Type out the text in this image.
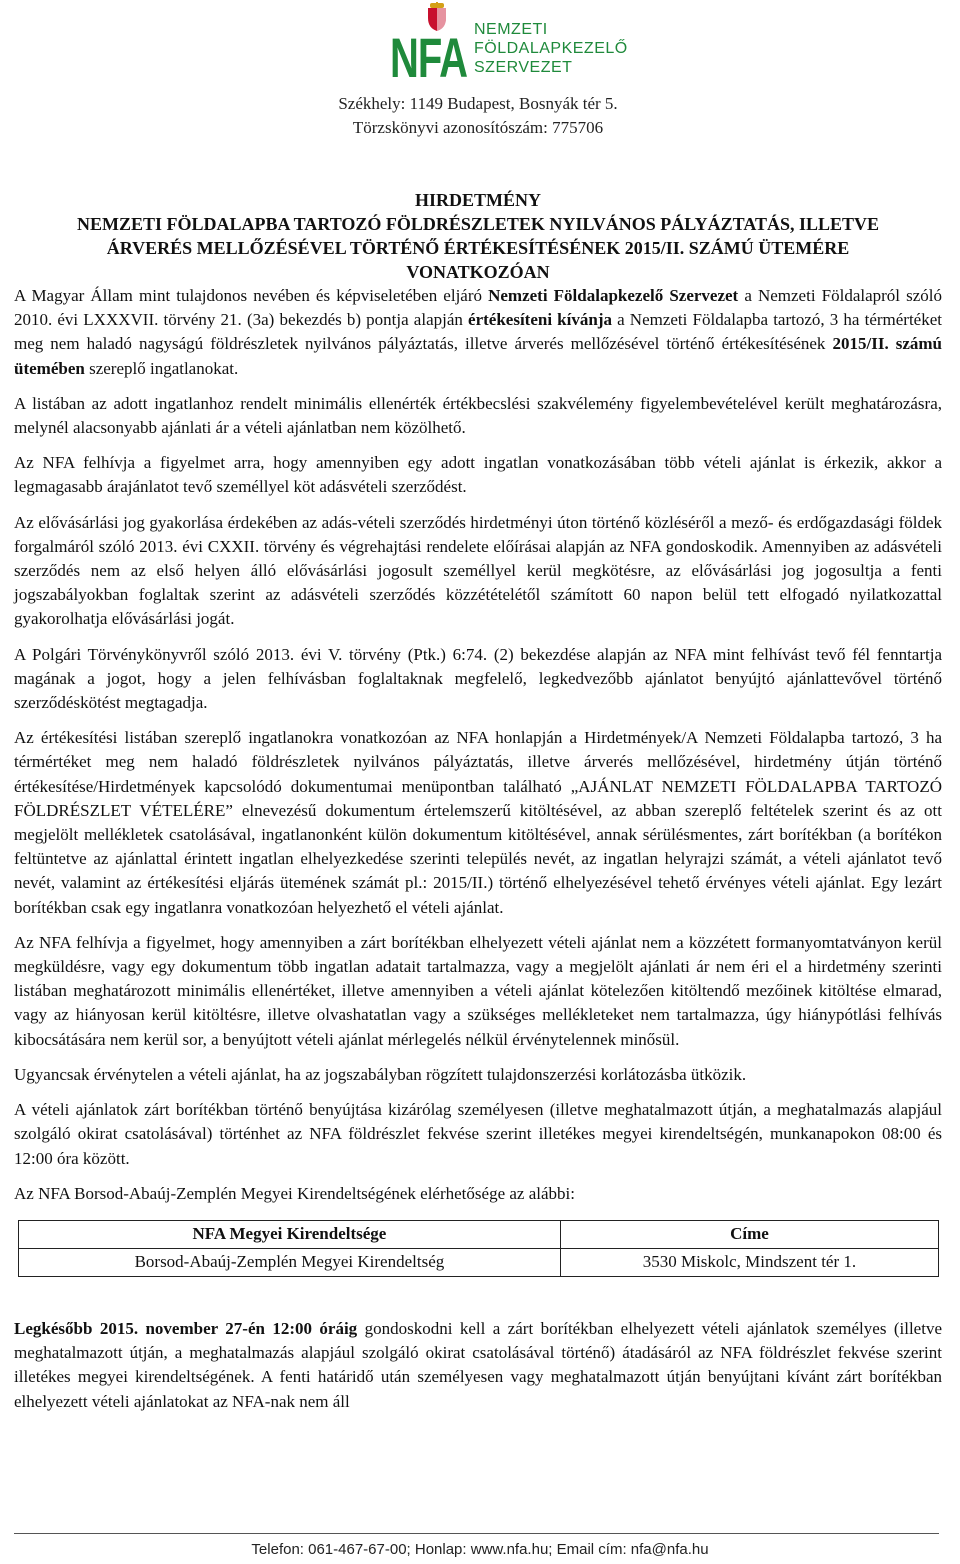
NFA NEMZETI
FÖLDALAPKEZELŐ
SZERVEZET
Székhely: 1149 Budapest, Bosnyák tér 5.
Törzskönyvi azonosítószám: 775706
HIRDETMÉNY
NEMZETI FÖLDALAPBA TARTOZÓ FÖLDRÉSZLETEK NYILVÁNOS PÁLYÁZTATÁS, ILLETVE
ÁRVERÉS MELLŐZÉSÉVEL TÖRTÉNŐ ÉRTÉKESÍTÉSÉNEK 2015/II. SZÁMÚ ÜTEMÉRE
VONATKOZÓAN

A Magyar Állam mint tulajdonos nevében és képviseletében eljáró Nemzeti Földalapkezelő Szervezet a Nemzeti Földalapról szóló 2010. évi LXXXVII. törvény 21. (3a) bekezdés b) pontja alapján értékesíteni kívánja a Nemzeti Földalapba tartozó, 3 ha térmértéket meg nem haladó nagyságú földrészletek nyilvános pályáztatás, illetve árverés mellőzésével történő értékesítésének 2015/II. számú ütemében szereplő ingatlanokat.

A listában az adott ingatlanhoz rendelt minimális ellenérték értékbecslési szakvélemény figyelembevételével került meghatározásra, melynél alacsonyabb ajánlati ár a vételi ajánlatban nem közölhető.

Az NFA felhívja a figyelmet arra, hogy amennyiben egy adott ingatlan vonatkozásában több vételi ajánlat is érkezik, akkor a legmagasabb árajánlatot tevő személlyel köt adásvételi szerződést.

Az elővásárlási jog gyakorlása érdekében az adás-vételi szerződés hirdetményi úton történő közléséről a mező- és erdőgazdasági földek forgalmáról szóló 2013. évi CXXII. törvény és végrehajtási rendelete előírásai alapján az NFA gondoskodik. Amennyiben az adásvételi szerződés nem az első helyen álló elővásárlási jogosult személlyel kerül megkötésre, az elővásárlási jog jogosultja a fenti jogszabályokban foglaltak szerint az adásvételi szerződés közzétételétől számított 60 napon belül tett elfogadó nyilatkozattal gyakorolhatja elővásárlási jogát.

A Polgári Törvénykönyvről szóló 2013. évi V. törvény (Ptk.) 6:74. (2) bekezdése alapján az NFA mint felhívást tevő fél fenntartja magának a jogot, hogy a jelen felhívásban foglaltaknak megfelelő, legkedvezőbb ajánlatot benyújtó ajánlattevővel történő szerződéskötést megtagadja.

Az értékesítési listában szereplő ingatlanokra vonatkozóan az NFA honlapján a Hirdetmények/A Nemzeti Földalapba tartozó, 3 ha térmértéket meg nem haladó földrészletek nyilvános pályáztatás, illetve árverés mellőzésével, hirdetmény útján történő értékesítése/Hirdetmények kapcsolódó dokumentumai menüpontban található „AJÁNLAT NEMZETI FÖLDALAPBA TARTOZÓ FÖLDRÉSZLET VÉTELÉRE” elnevezésű dokumentum értelemszerű kitöltésével, az abban szereplő feltételek szerint és az ott megjelölt mellékletek csatolásával, ingatlanonként külön dokumentum kitöltésével, annak sérülésmentes, zárt borítékban (a borítékon feltüntetve az ajánlattal érintett ingatlan elhelyezkedése szerinti település nevét, az ingatlan helyrajzi számát, a vételi ajánlatot tevő nevét, valamint az értékesítési eljárás ütemének számát pl.: 2015/II.) történő elhelyezésével tehető érvényes vételi ajánlat. Egy lezárt borítékban csak egy ingatlanra vonatkozóan helyezhető el vételi ajánlat.

Az NFA felhívja a figyelmet, hogy amennyiben a zárt borítékban elhelyezett vételi ajánlat nem a közzétett formanyomtatványon kerül megküldésre, vagy egy dokumentum több ingatlan adatait tartalmazza, vagy a megjelölt ajánlati ár nem éri el a hirdetmény szerinti listában meghatározott minimális ellenértéket, illetve amennyiben a vételi ajánlat kötelezően kitöltendő mezőinek kitöltése elmarad, vagy az hiányosan kerül kitöltésre, illetve olvashatatlan vagy a szükséges mellékleteket nem tartalmazza, úgy hiánypótlási felhívás kibocsátására nem kerül sor, a benyújtott vételi ajánlat mérlegelés nélkül érvénytelennek minősül.

Ugyancsak érvénytelen a vételi ajánlat, ha az jogszabályban rögzített tulajdonszerzési korlátozásba ütközik.

A vételi ajánlatok zárt borítékban történő benyújtása kizárólag személyesen (illetve meghatalmazott útján, a meghatalmazás alapjául szolgáló okirat csatolásával) történhet az NFA földrészlet fekvése szerint illetékes megyei kirendeltségén, munkanapokon 08:00 és 12:00 óra között.

Az NFA Borsod-Abaúj-Zemplén Megyei Kirendeltségének elérhetősége az alábbi:

NFA Megyei Kirendeltsége	Címe
Borsod-Abaúj-Zemplén Megyei Kirendeltség	3530 Miskolc, Mindszent tér 1.

Legkésőbb 2015. november 27-én 12:00 óráig gondoskodni kell a zárt borítékban elhelyezett vételi ajánlatok személyes (illetve meghatalmazott útján, a meghatalmazás alapjául szolgáló okirat csatolásával történő) átadásáról az NFA földrészlet fekvése szerint illetékes megyei kirendeltségének. A fenti határidő után személyesen vagy meghatalmazott útján benyújtani kívánt zárt borítékban elhelyezett vételi ajánlatokat az NFA-nak nem áll

Telefon: 061-467-67-00; Honlap: www.nfa.hu; Email cím: nfa@nfa.hu
